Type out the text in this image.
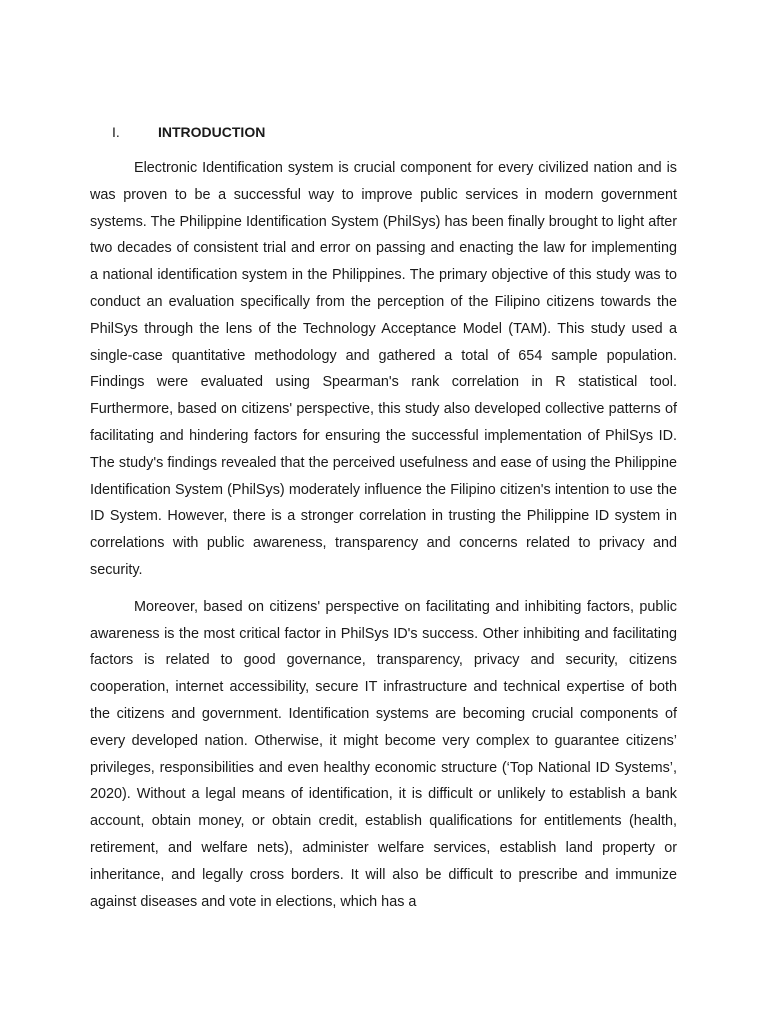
I.	INTRODUCTION

Electronic Identification system is crucial component for every civilized nation and is was proven to be a successful way to improve public services in modern government systems. The Philippine Identification System (PhilSys) has been finally brought to light after two decades of consistent trial and error on passing and enacting the law for implementing a national identification system in the Philippines. The primary objective of this study was to conduct an evaluation specifically from the perception of the Filipino citizens towards the PhilSys through the lens of the Technology Acceptance Model (TAM). This study used a single-case quantitative methodology and gathered a total of 654 sample population. Findings were evaluated using Spearman's rank correlation in R statistical tool. Furthermore, based on citizens' perspective, this study also developed collective patterns of facilitating and hindering factors for ensuring the successful implementation of PhilSys ID. The study's findings revealed that the perceived usefulness and ease of using the Philippine Identification System (PhilSys) moderately influence the Filipino citizen's intention to use the ID System. However, there is a stronger correlation in trusting the Philippine ID system in correlations with public awareness, transparency and concerns related to privacy and security.

Moreover, based on citizens' perspective on facilitating and inhibiting factors, public awareness is the most critical factor in PhilSys ID's success. Other inhibiting and facilitating factors is related to good governance, transparency, privacy and security, citizens cooperation, internet accessibility, secure IT infrastructure and technical expertise of both the citizens and government. Identification systems are becoming crucial components of every developed nation. Otherwise, it might become very complex to guarantee citizens’ privileges, responsibilities and even healthy economic structure (‘Top National ID Systems’, 2020). Without a legal means of identification, it is difficult or unlikely to establish a bank account, obtain money, or obtain credit, establish qualifications for entitlements (health, retirement, and welfare nets), administer welfare services, establish land property or inheritance, and legally cross borders. It will also be difficult to prescribe and immunize against diseases and vote in elections, which has a
